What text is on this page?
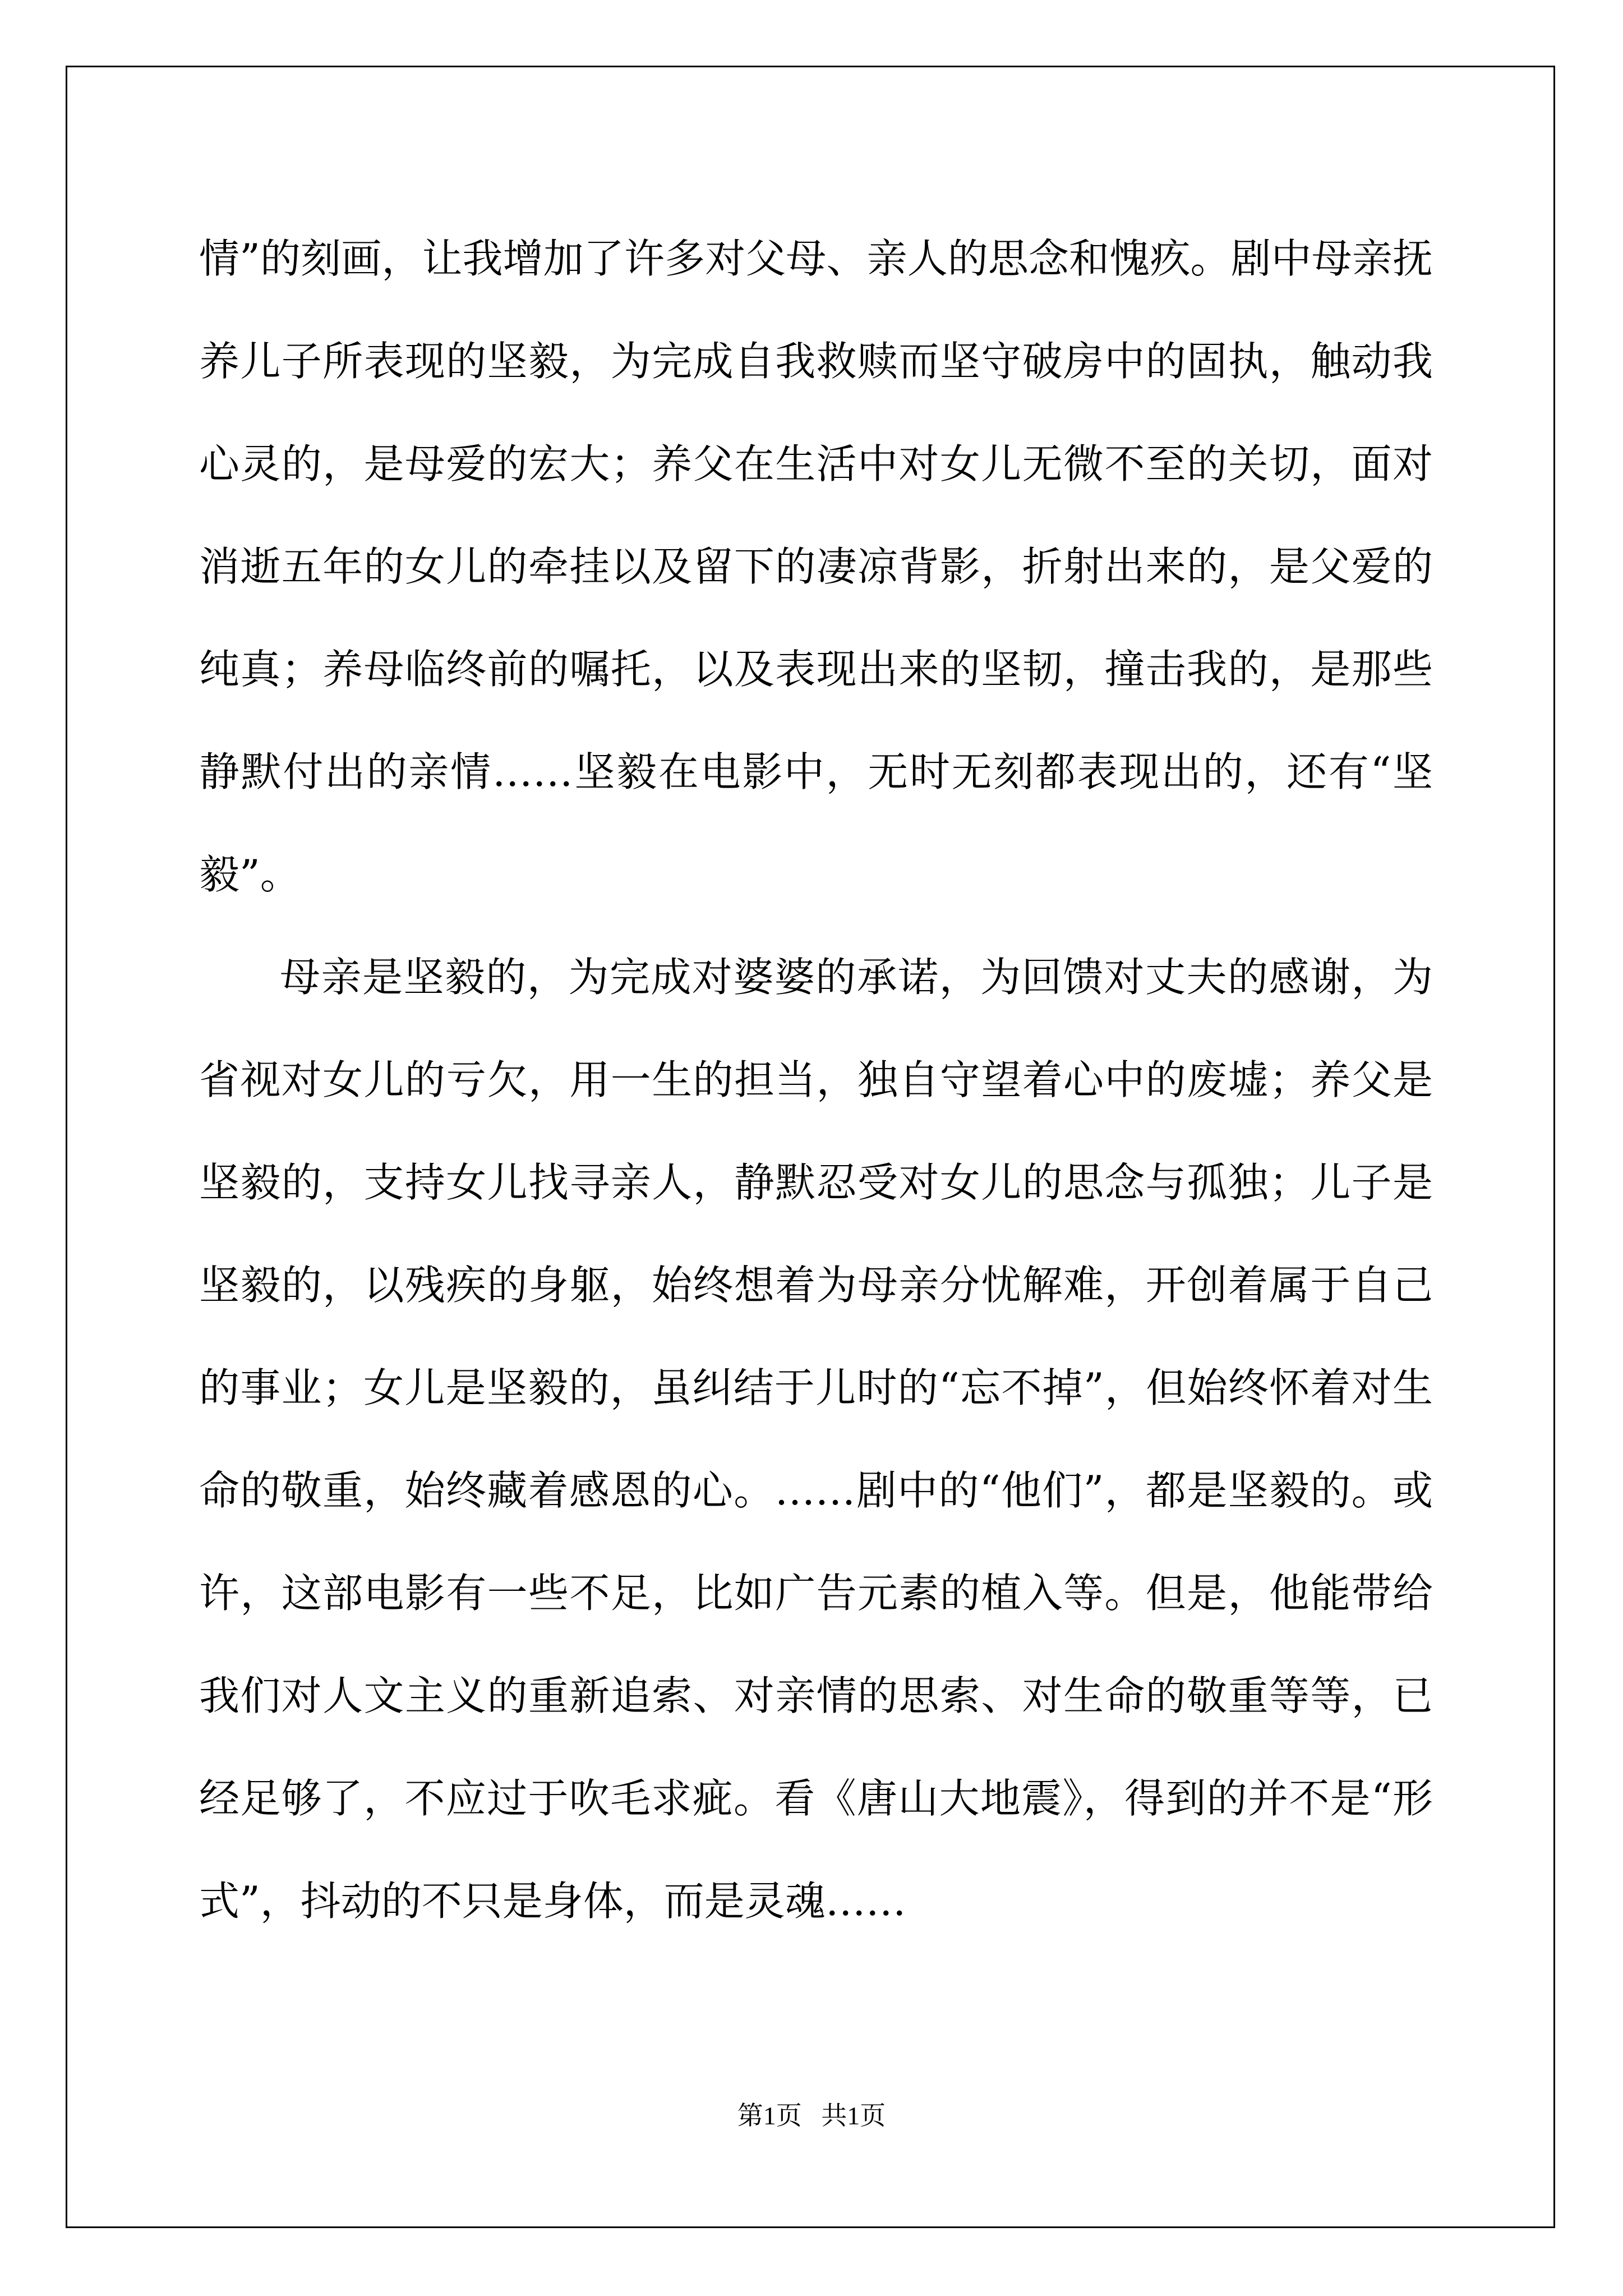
情”的刻画，让我增加了许多对父母、亲人的思念和愧疚。剧中母亲抚养儿子所表现的坚毅，为完成自我救赎而坚守破房中的固执，触动我心灵的，是母爱的宏大；养父在生活中对女儿无微不至的关切，面对消逝五年的女儿的牵挂以及留下的凄凉背影，折射出来的，是父爱的纯真；养母临终前的嘱托，以及表现出来的坚韧，撞击我的，是那些静默付出的亲情……坚毅在电影中，无时无刻都表现出的，还有“坚毅”。

母亲是坚毅的，为完成对婆婆的承诺，为回馈对丈夫的感谢，为省视对女儿的亏欠，用一生的担当，独自守望着心中的废墟；养父是坚毅的，支持女儿找寻亲人，静默忍受对女儿的思念与孤独；儿子是坚毅的，以残疾的身躯，始终想着为母亲分忧解难，开创着属于自己的事业；女儿是坚毅的，虽纠结于儿时的“忘不掉”，但始终怀着对生命的敬重，始终藏着感恩的心。……剧中的“他们”，都是坚毅的。或许，这部电影有一些不足，比如广告元素的植入等。但是，他能带给我们对人文主义的重新追索、对亲情的思索、对生命的敬重等等，已经足够了，不应过于吹毛求疵。看《唐山大地震》，得到的并不是“形式”，抖动的不只是身体，而是灵魂……

第1页   共1页
